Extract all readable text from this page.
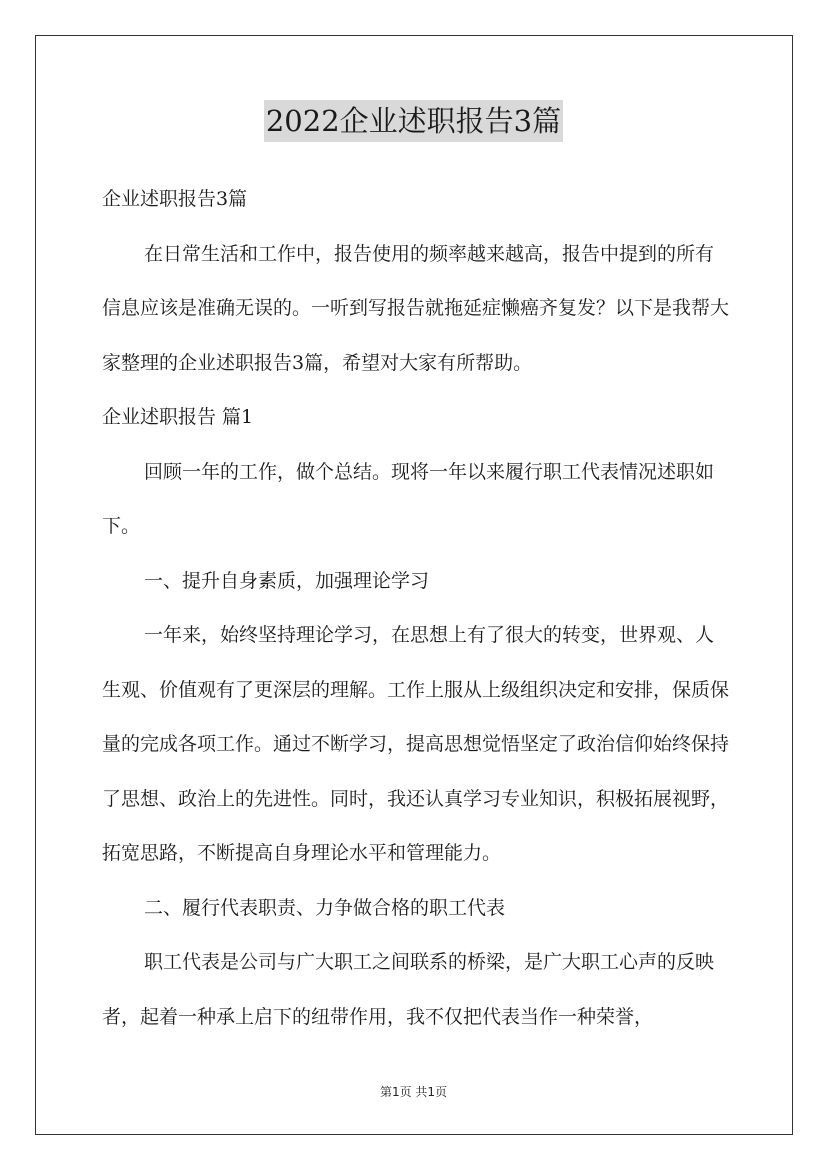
2022企业述职报告3篇

企业述职报告3篇

在日常生活和工作中，报告使用的频率越来越高，报告中提到的所有信息应该是准确无误的。一听到写报告就拖延症懒癌齐复发？以下是我帮大家整理的企业述职报告3篇，希望对大家有所帮助。

企业述职报告 篇1

回顾一年的工作，做个总结。现将一年以来履行职工代表情况述职如下。

一、提升自身素质，加强理论学习

一年来，始终坚持理论学习，在思想上有了很大的转变，世界观、人生观、价值观有了更深层的理解。工作上服从上级组织决定和安排，保质保量的完成各项工作。通过不断学习，提高思想觉悟坚定了政治信仰始终保持了思想、政治上的先进性。同时，我还认真学习专业知识，积极拓展视野，拓宽思路，不断提高自身理论水平和管理能力。

二、履行代表职责、力争做合格的职工代表

职工代表是公司与广大职工之间联系的桥梁，是广大职工心声的反映者，起着一种承上启下的纽带作用，我不仅把代表当作一种荣誉，

第1页 共1页
